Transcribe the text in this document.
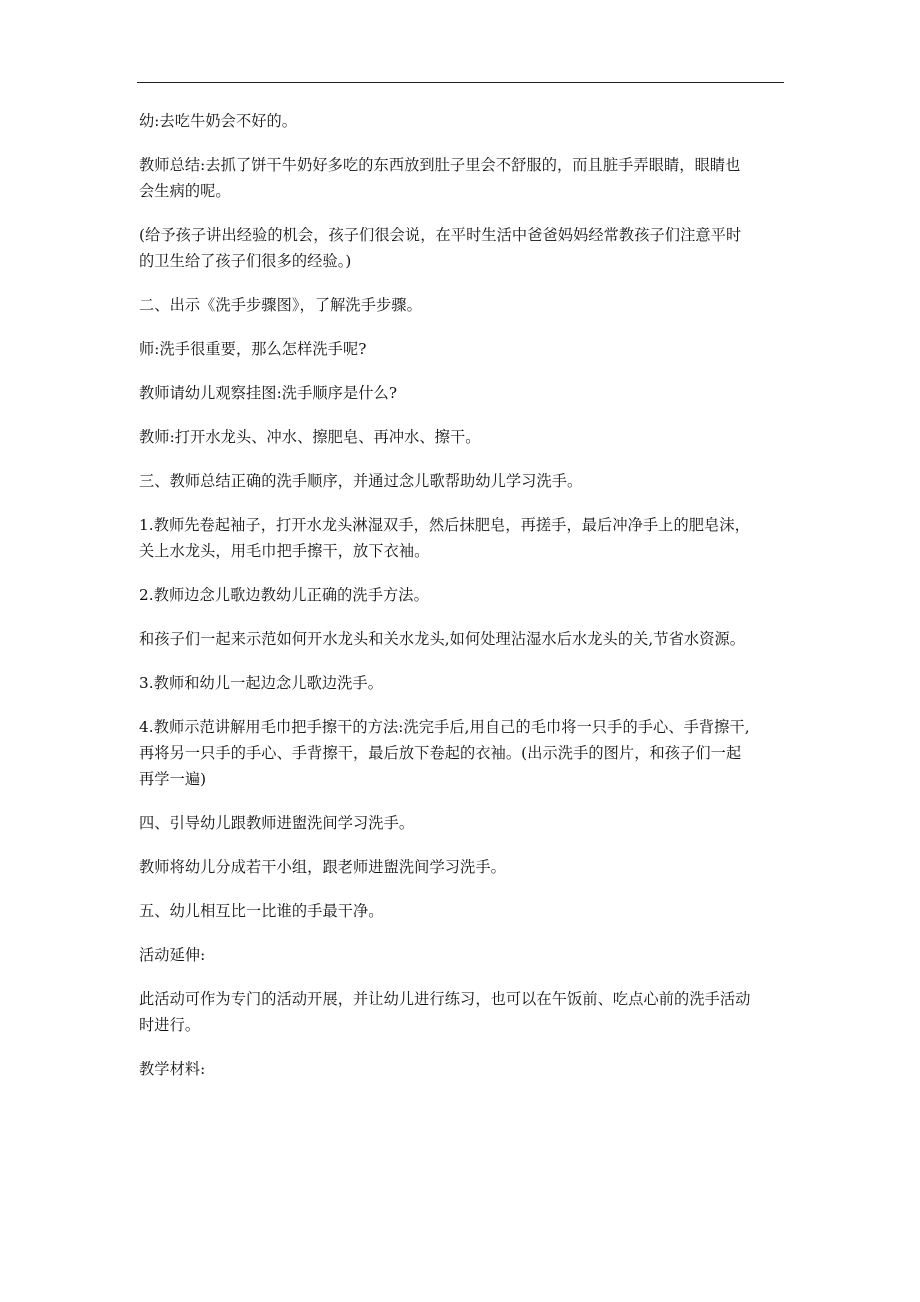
幼:去吃牛奶会不好的。

教师总结:去抓了饼干牛奶好多吃的东西放到肚子里会不舒服的，而且脏手弄眼睛，眼睛也
会生病的呢。

(给予孩子讲出经验的机会，孩子们很会说，在平时生活中爸爸妈妈经常教孩子们注意平时
的卫生给了孩子们很多的经验。)

二、出示《洗手步骤图》，了解洗手步骤。

师:洗手很重要，那么怎样洗手呢?

教师请幼儿观察挂图:洗手顺序是什么?

教师:打开水龙头、冲水、擦肥皂、再冲水、擦干。

三、教师总结正确的洗手顺序，并通过念儿歌帮助幼儿学习洗手。

1.教师先卷起袖子，打开水龙头淋湿双手，然后抹肥皂，再搓手，最后冲净手上的肥皂沫，
关上水龙头，用毛巾把手擦干，放下衣袖。

2.教师边念儿歌边教幼儿正确的洗手方法。

和孩子们一起来示范如何开水龙头和关水龙头,如何处理沾湿水后水龙头的关,节省水资源。

3.教师和幼儿一起边念儿歌边洗手。

4.教师示范讲解用毛巾把手擦干的方法:洗完手后,用自己的毛巾将一只手的手心、手背擦干,
再将另一只手的手心、手背擦干，最后放下卷起的衣袖。(出示洗手的图片，和孩子们一起
再学一遍)

四、引导幼儿跟教师进盥洗间学习洗手。

教师将幼儿分成若干小组，跟老师进盥洗间学习洗手。

五、幼儿相互比一比谁的手最干净。

活动延伸:

此活动可作为专门的活动开展，并让幼儿进行练习，也可以在午饭前、吃点心前的洗手活动
时进行。

教学材料:
